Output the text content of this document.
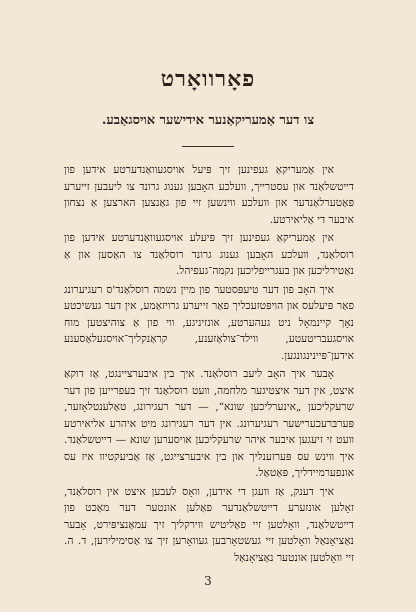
פאָרוואָרט
צו דער אַמעריקאַנער אידישער אויסגאַבע.

אין אַמעריקאַ געפינען זיך פּיעל אויסגעוואַנדערטע אידען פון דייטשלאַנד און עסטרייך, וועלכע האָבען גענוג גרונד צו ליעבען זייערע פּאַטערלאַנדער און וועלכע ווינשען זיי פון גאַנצען הארצען אַ נצחון איבער די אַליאירטע.

אין אַמעריקאַ געפינען זיך פּיעלע אויסגעוואַנדערטע אידען פון רוסלאַנד, וועלכע האָבען גענוג גרונד רוסלאַנד צו האַסען און אַ נאַטירליכען און בעגרייפליכען נקמה־געפיהל.

איך האָב פון דער טיעפּסטער פון מיין נשמה רוסלאַנד'ס רעגיערונג פאַר פּיעלעס און הויפּטזעכליך פאַר זייערע גרויזאַמע, אין דער געשיכטע נאָך קיינמאָל ניט געהערטע, אונזיניגע, ווי פון אַ צוהיצטען מוח אויסגעבריטעטע, ווילד־צולאַזענע, קראַנקליך־אויסגעלאַסענע אידען־פּיינינגונגען.

אָבער איך האָב ליעב רוסלאַנד. איך בין איבערציינגט, אַז דוקאַ איצט, אין דער איצטיגער מלחמה, וועט רוסלאַנד זיך בעפרייען פון דער שרעקליכען „אינערליכען שונא“, — דער רעגירונג, טאַלענטלאָזער, פּערבּרעכערישער רעגיערונג. אין דער רעגירונג מיט איהרע אליאירטע וועט זי זיעגען איבער איהר שרעקליכען אויסערען שונא — דייטשלאַנד. איך ווינש עס פּערזענליך און בין איבערצייגט, אַז אַביעקטיוו איז עס אונפערמיידליך, פּאַטאַל.

איך דענק, אַז וועגן די אידען, וואָס לעבען איצט אין רוסלאַנד, זאָלען אונזערע דייטשלאַנדער פאַלען אונטער דער מאַכט פון דייטשלאַנד, וואָלטען זיי פאַליטיש ווירקליך זיך עמאַנציפּירט, אָבער נאַציאָנאַל וואָלטען זיי געשטאָרבען געוואָרען זיך צו אַסימילירען, ד. ה. זיי וואָלטען אונטער נאַציאָנאַל

3
